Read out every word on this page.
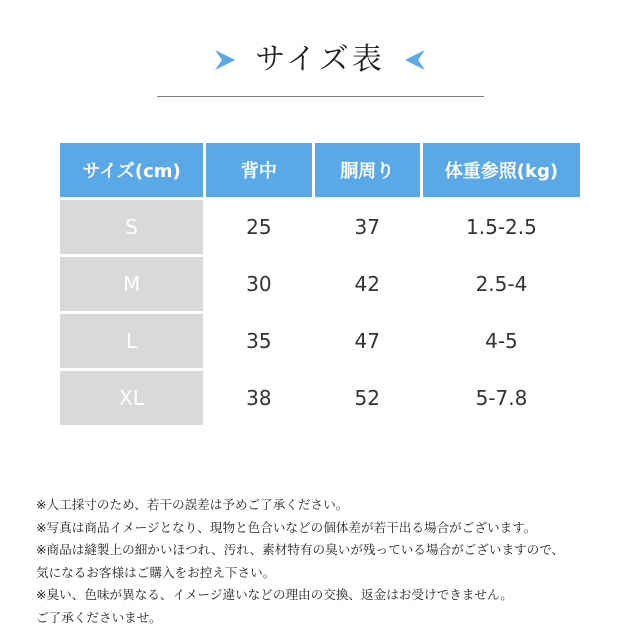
サイズ表
サイズ(cm)	背中	胴周り	体重参照(kg)
S	25	37	1.5-2.5
M	30	42	2.5-4
L	35	47	4-5
XL	38	52	5-7.8
※人工採寸のため、若干の誤差は予めご了承ください。
※写真は商品イメージとなり、現物と色合いなどの個体差が若干出る場合がございます。
※商品は縫製上の細かいほつれ、汚れ、素材特有の臭いが残っている場合がございますので、
気になるお客様はご購入をお控え下さい。
※臭い、色味が異なる、イメージ違いなどの理由の交換、返金はお受けできません。
ご了承くださいませ。
